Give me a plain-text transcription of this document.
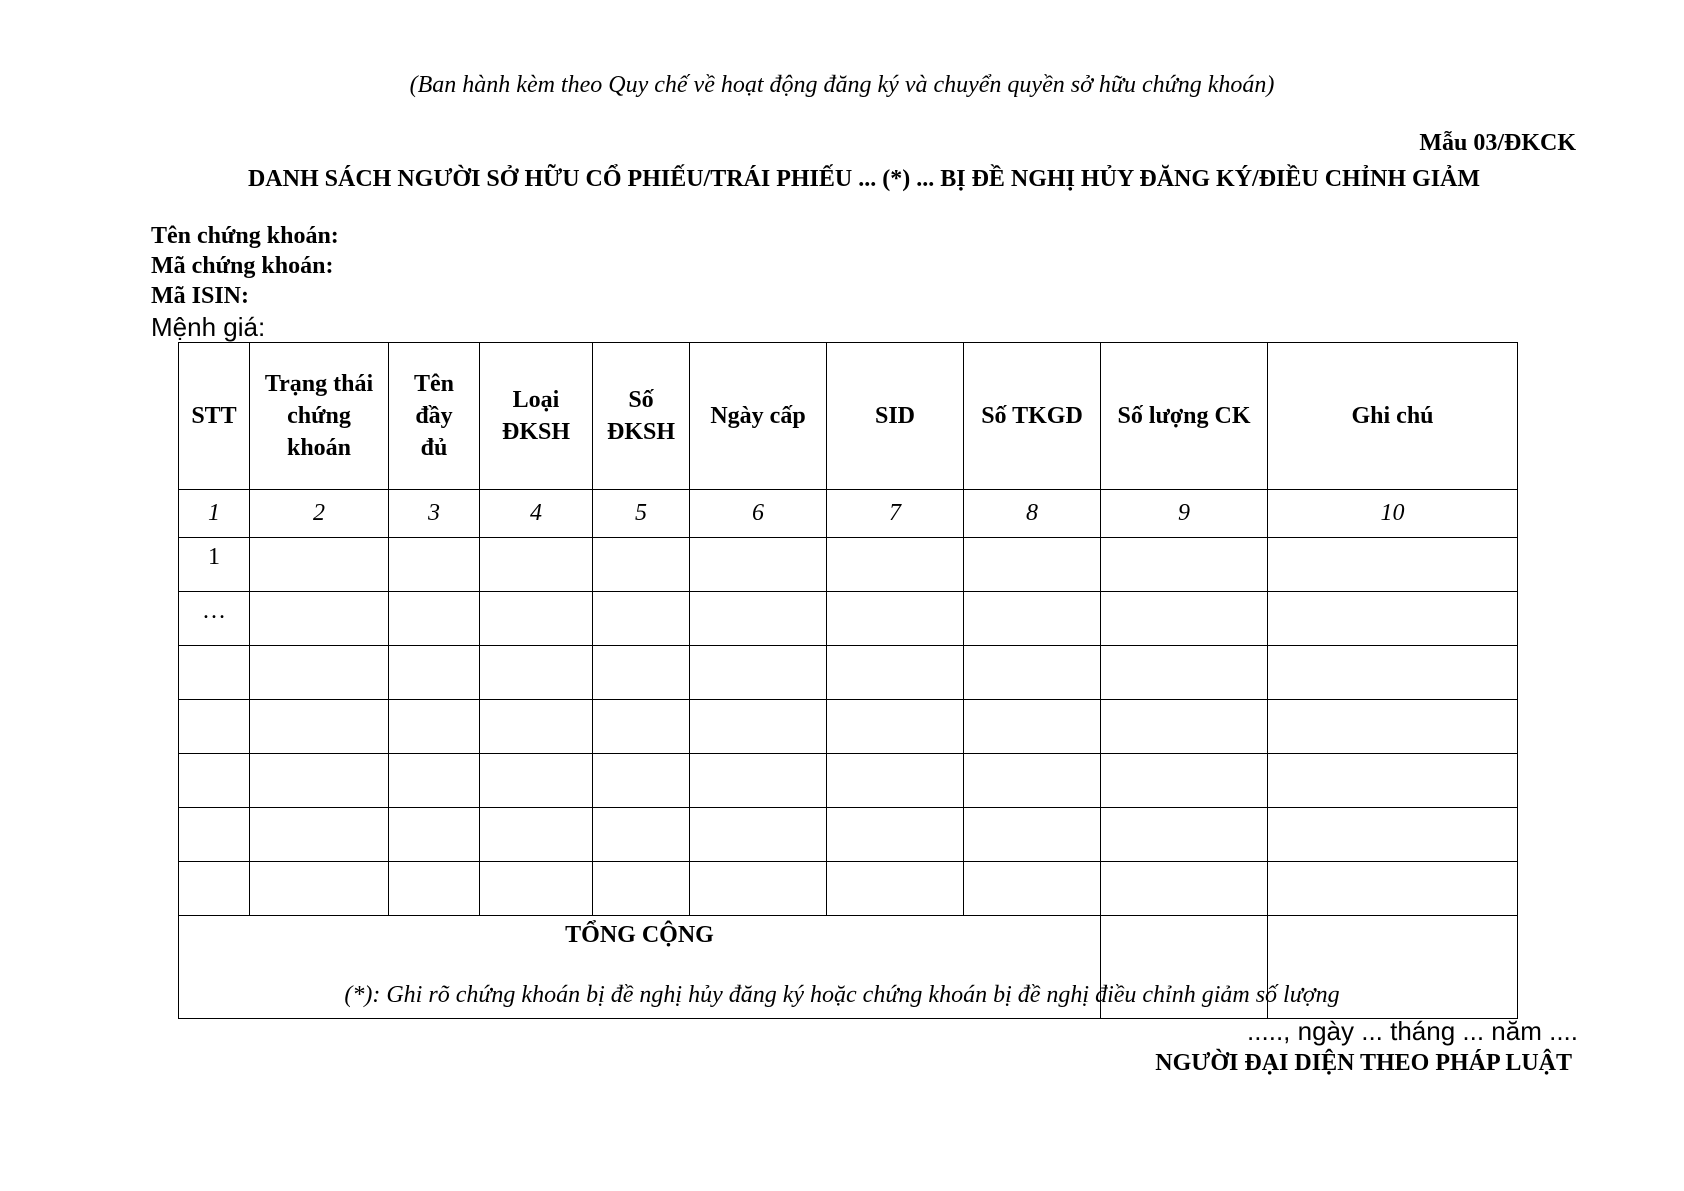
(Ban hành kèm theo Quy chế về hoạt động đăng ký và chuyển quyền sở hữu chứng khoán)
Mẫu 03/ĐKCK
DANH SÁCH NGƯỜI SỞ HỮU CỔ PHIẾU/TRÁI PHIẾU ... (*) ... BỊ ĐỀ NGHỊ HỦY ĐĂNG KÝ/ĐIỀU CHỈNH GIẢM
Tên chứng khoán:
Mã chứng khoán:
Mã ISIN:
Mệnh giá:
STT	Trạng thái chứng khoán	Tên đầy đủ	Loại ĐKSH	Số ĐKSH	Ngày cấp	SID	Số TKGD	Số lượng CK	Ghi chú
1	2	3	4	5	6	7	8	9	10
1									
…									

TỔNG CỘNG									
(*): Ghi rõ chứng khoán bị đề nghị hủy đăng ký hoặc chứng khoán bị đề nghị điều chỉnh giảm số lượng
....., ngày ... tháng ... năm ....
NGƯỜI ĐẠI DIỆN THEO PHÁP LUẬT
